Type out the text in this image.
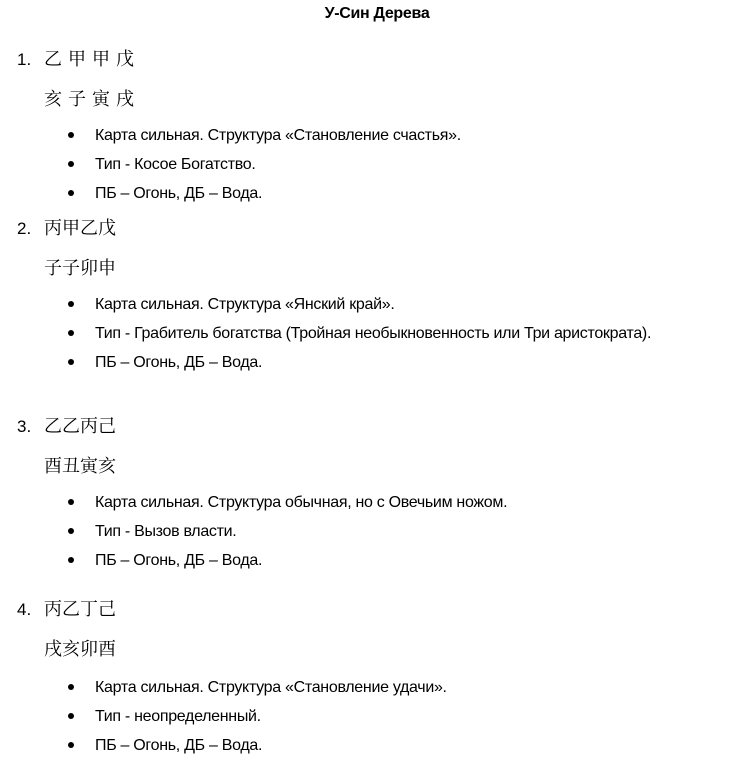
У-Син Дерева
1. 乙甲甲戊
亥子寅戌
Карта сильная. Структура «Становление счастья».
Тип - Косое Богатство.
ПБ – Огонь, ДБ – Вода.
2. 丙甲乙戊
子子卯申
Карта сильная. Структура «Янский край».
Тип - Грабитель богатства (Тройная необыкновенность или Три аристократа).
ПБ – Огонь, ДБ – Вода.
3. 乙乙丙己
酉丑寅亥
Карта сильная. Структура обычная, но с Овечьим ножом.
Тип - Вызов власти.
ПБ – Огонь, ДБ – Вода.
4. 丙乙丁己
戌亥卯酉
Карта сильная. Структура «Становление удачи».
Тип - неопределенный.
ПБ – Огонь, ДБ – Вода.
